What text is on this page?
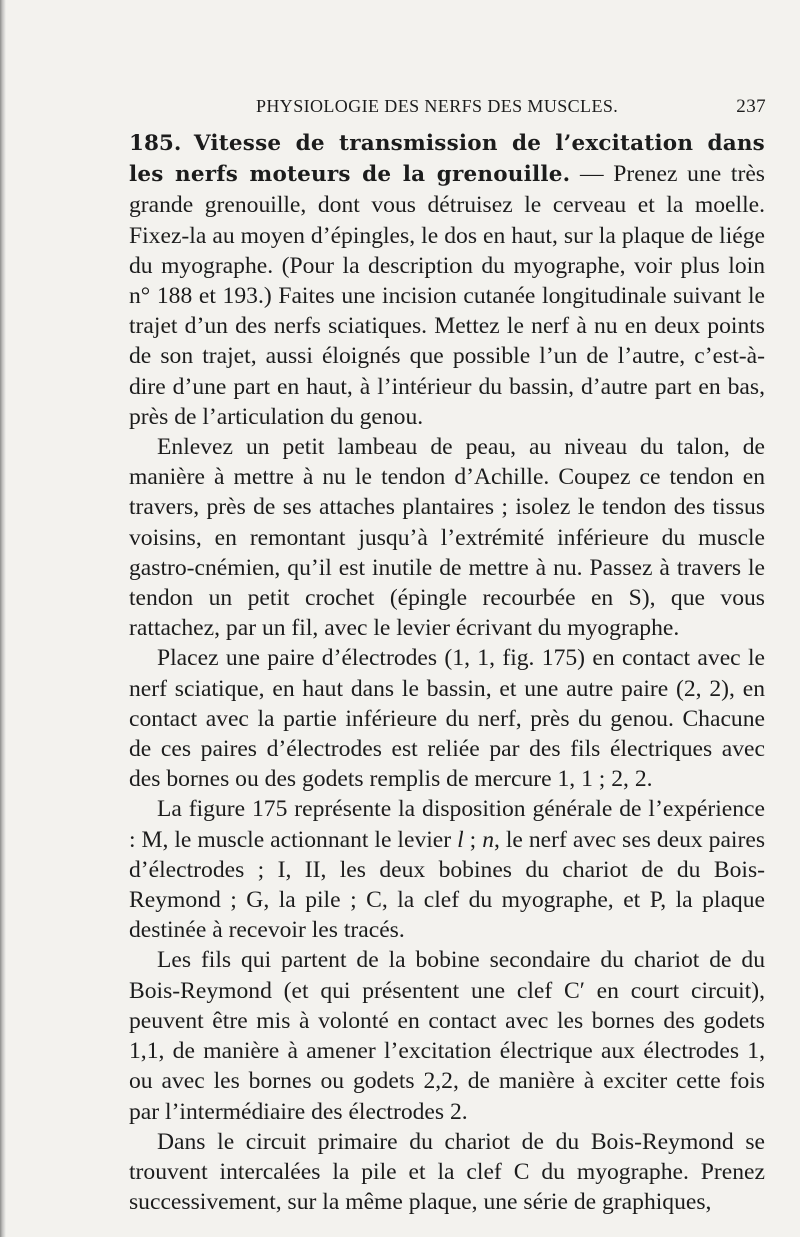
PHYSIOLOGIE DES NERFS DES MUSCLES.	237

185. Vitesse de transmission de l’excitation dans les nerfs moteurs de la grenouille. — Prenez une très grande grenouille, dont vous détruisez le cerveau et la moelle. Fixez-la au moyen d’épingles, le dos en haut, sur la plaque de liége du myographe. (Pour la description du myographe, voir plus loin n° 188 et 193.) Faites une incision cutanée longitudinale suivant le trajet d’un des nerfs sciatiques. Mettez le nerf à nu en deux points de son trajet, aussi éloignés que possible l’un de l’autre, c’est-à-dire d’une part en haut, à l’intérieur du bassin, d’autre part en bas, près de l’articulation du genou.

Enlevez un petit lambeau de peau, au niveau du talon, de manière à mettre à nu le tendon d’Achille. Coupez ce tendon en travers, près de ses attaches plantaires ; isolez le tendon des tissus voisins, en remontant jusqu’à l’extrémité inférieure du muscle gastro-cnémien, qu’il est inutile de mettre à nu. Passez à travers le tendon un petit crochet (épingle recourbée en S), que vous rattachez, par un fil, avec le levier écrivant du myographe.

Placez une paire d’électrodes (1, 1, fig. 175) en contact avec le nerf sciatique, en haut dans le bassin, et une autre paire (2, 2), en contact avec la partie inférieure du nerf, près du genou. Chacune de ces paires d’électrodes est reliée par des fils électriques avec des bornes ou des godets remplis de mercure 1, 1 ; 2, 2.

La figure 175 représente la disposition générale de l’expérience : M, le muscle actionnant le levier l ; n, le nerf avec ses deux paires d’électrodes ; I, II, les deux bobines du chariot de du Bois-Reymond ; G, la pile ; C, la clef du myographe, et P, la plaque destinée à recevoir les tracés.

Les fils qui partent de la bobine secondaire du chariot de du Bois-Reymond (et qui présentent une clef C′ en court circuit), peuvent être mis à volonté en contact avec les bornes des godets 1,1, de manière à amener l’excitation électrique aux électrodes 1, ou avec les bornes ou godets 2,2, de manière à exciter cette fois par l’intermédiaire des électrodes 2.

Dans le circuit primaire du chariot de du Bois-Reymond se trouvent intercalées la pile et la clef C du myographe. Prenez successivement, sur la même plaque, une série de graphiques,
